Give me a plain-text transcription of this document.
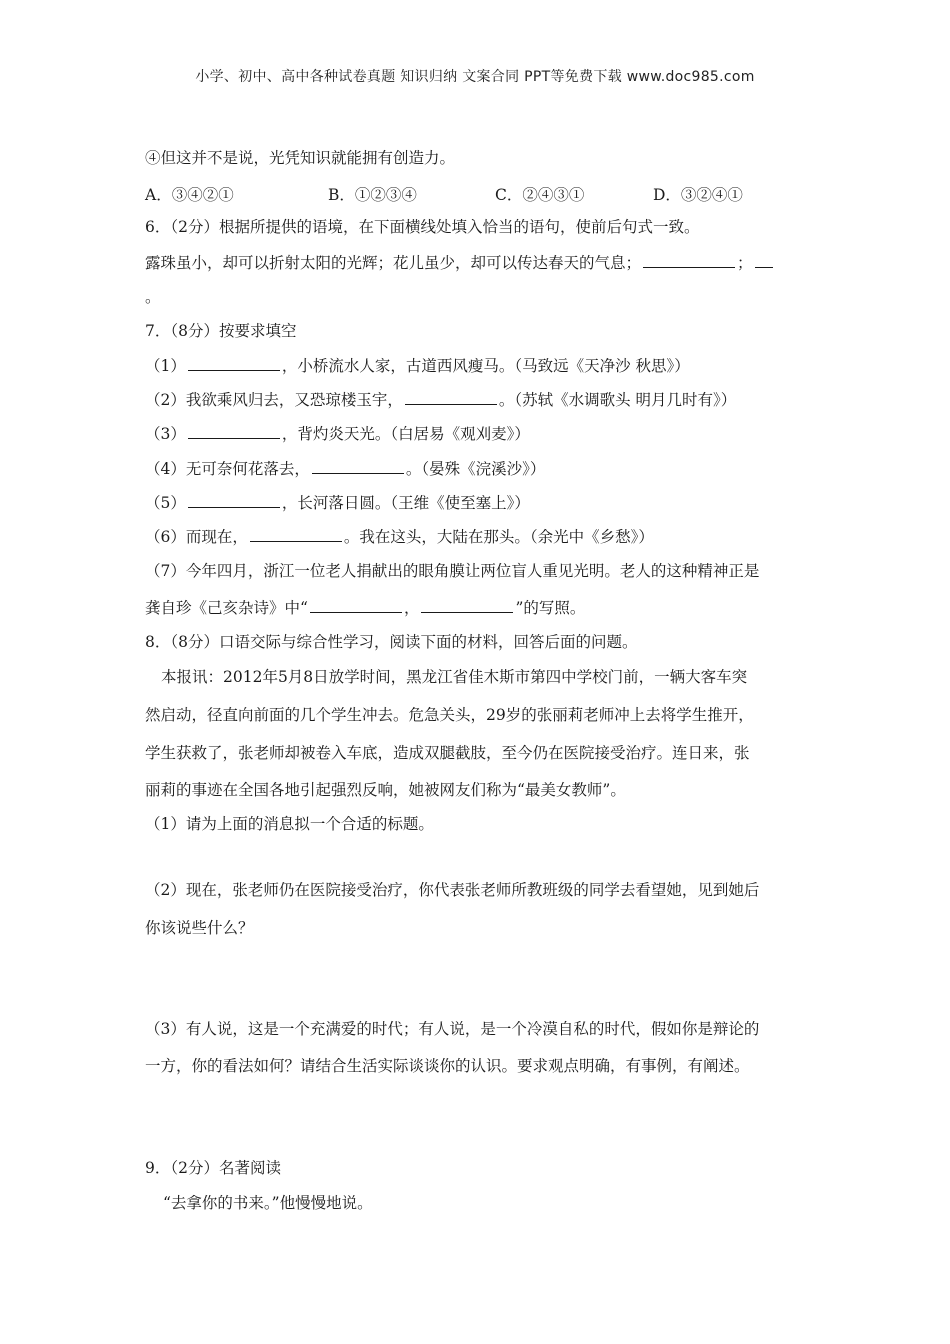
小学、初中、高中各种试卷真题 知识归纳 文案合同 PPT等免费下载 www.doc985.com
④但这并不是说，光凭知识就能拥有创造力。
A．③④②①	B．①②③④	C．②④③①	D．③②④①
6．（2分）根据所提供的语境，在下面横线处填入恰当的语句，使前后句式一致。
露珠虽小，却可以折射太阳的光辉；花儿虽少，却可以传达春天的气息；	；
。
7．（8分）按要求填空
（1）	，小桥流水人家，古道西风瘦马。（马致远《天净沙 秋思》）
（2）我欲乘风归去，又恐琼楼玉宇，	。（苏轼《水调歌头 明月几时有》）
（3）	，背灼炎天光。（白居易《观刈麦》）
（4）无可奈何花落去，	。（晏殊《浣溪沙》）
（5）	，长河落日圆。（王维《使至塞上》）
（6）而现在，	。我在这头，大陆在那头。（余光中《乡愁》）
（7）今年四月，浙江一位老人捐献出的眼角膜让两位盲人重见光明。老人的这种精神正是
龚自珍《己亥杂诗》中“	，	”的写照。
8．（8分）口语交际与综合性学习，阅读下面的材料，回答后面的问题。
本报讯：2012年5月8日放学时间，黑龙江省佳木斯市第四中学校门前，一辆大客车突
然启动，径直向前面的几个学生冲去。危急关头，29岁的张丽莉老师冲上去将学生推开，
学生获救了，张老师却被卷入车底，造成双腿截肢，至今仍在医院接受治疗。连日来，张
丽莉的事迹在全国各地引起强烈反响，她被网友们称为“最美女教师”。
（1）请为上面的消息拟一个合适的标题。
（2）现在，张老师仍在医院接受治疗，你代表张老师所教班级的同学去看望她，见到她后
你该说些什么？
（3）有人说，这是一个充满爱的时代；有人说，是一个冷漠自私的时代，假如你是辩论的
一方，你的看法如何？请结合生活实际谈谈你的认识。要求观点明确，有事例，有阐述。
9．（2分）名著阅读
“去拿你的书来。”他慢慢地说。
